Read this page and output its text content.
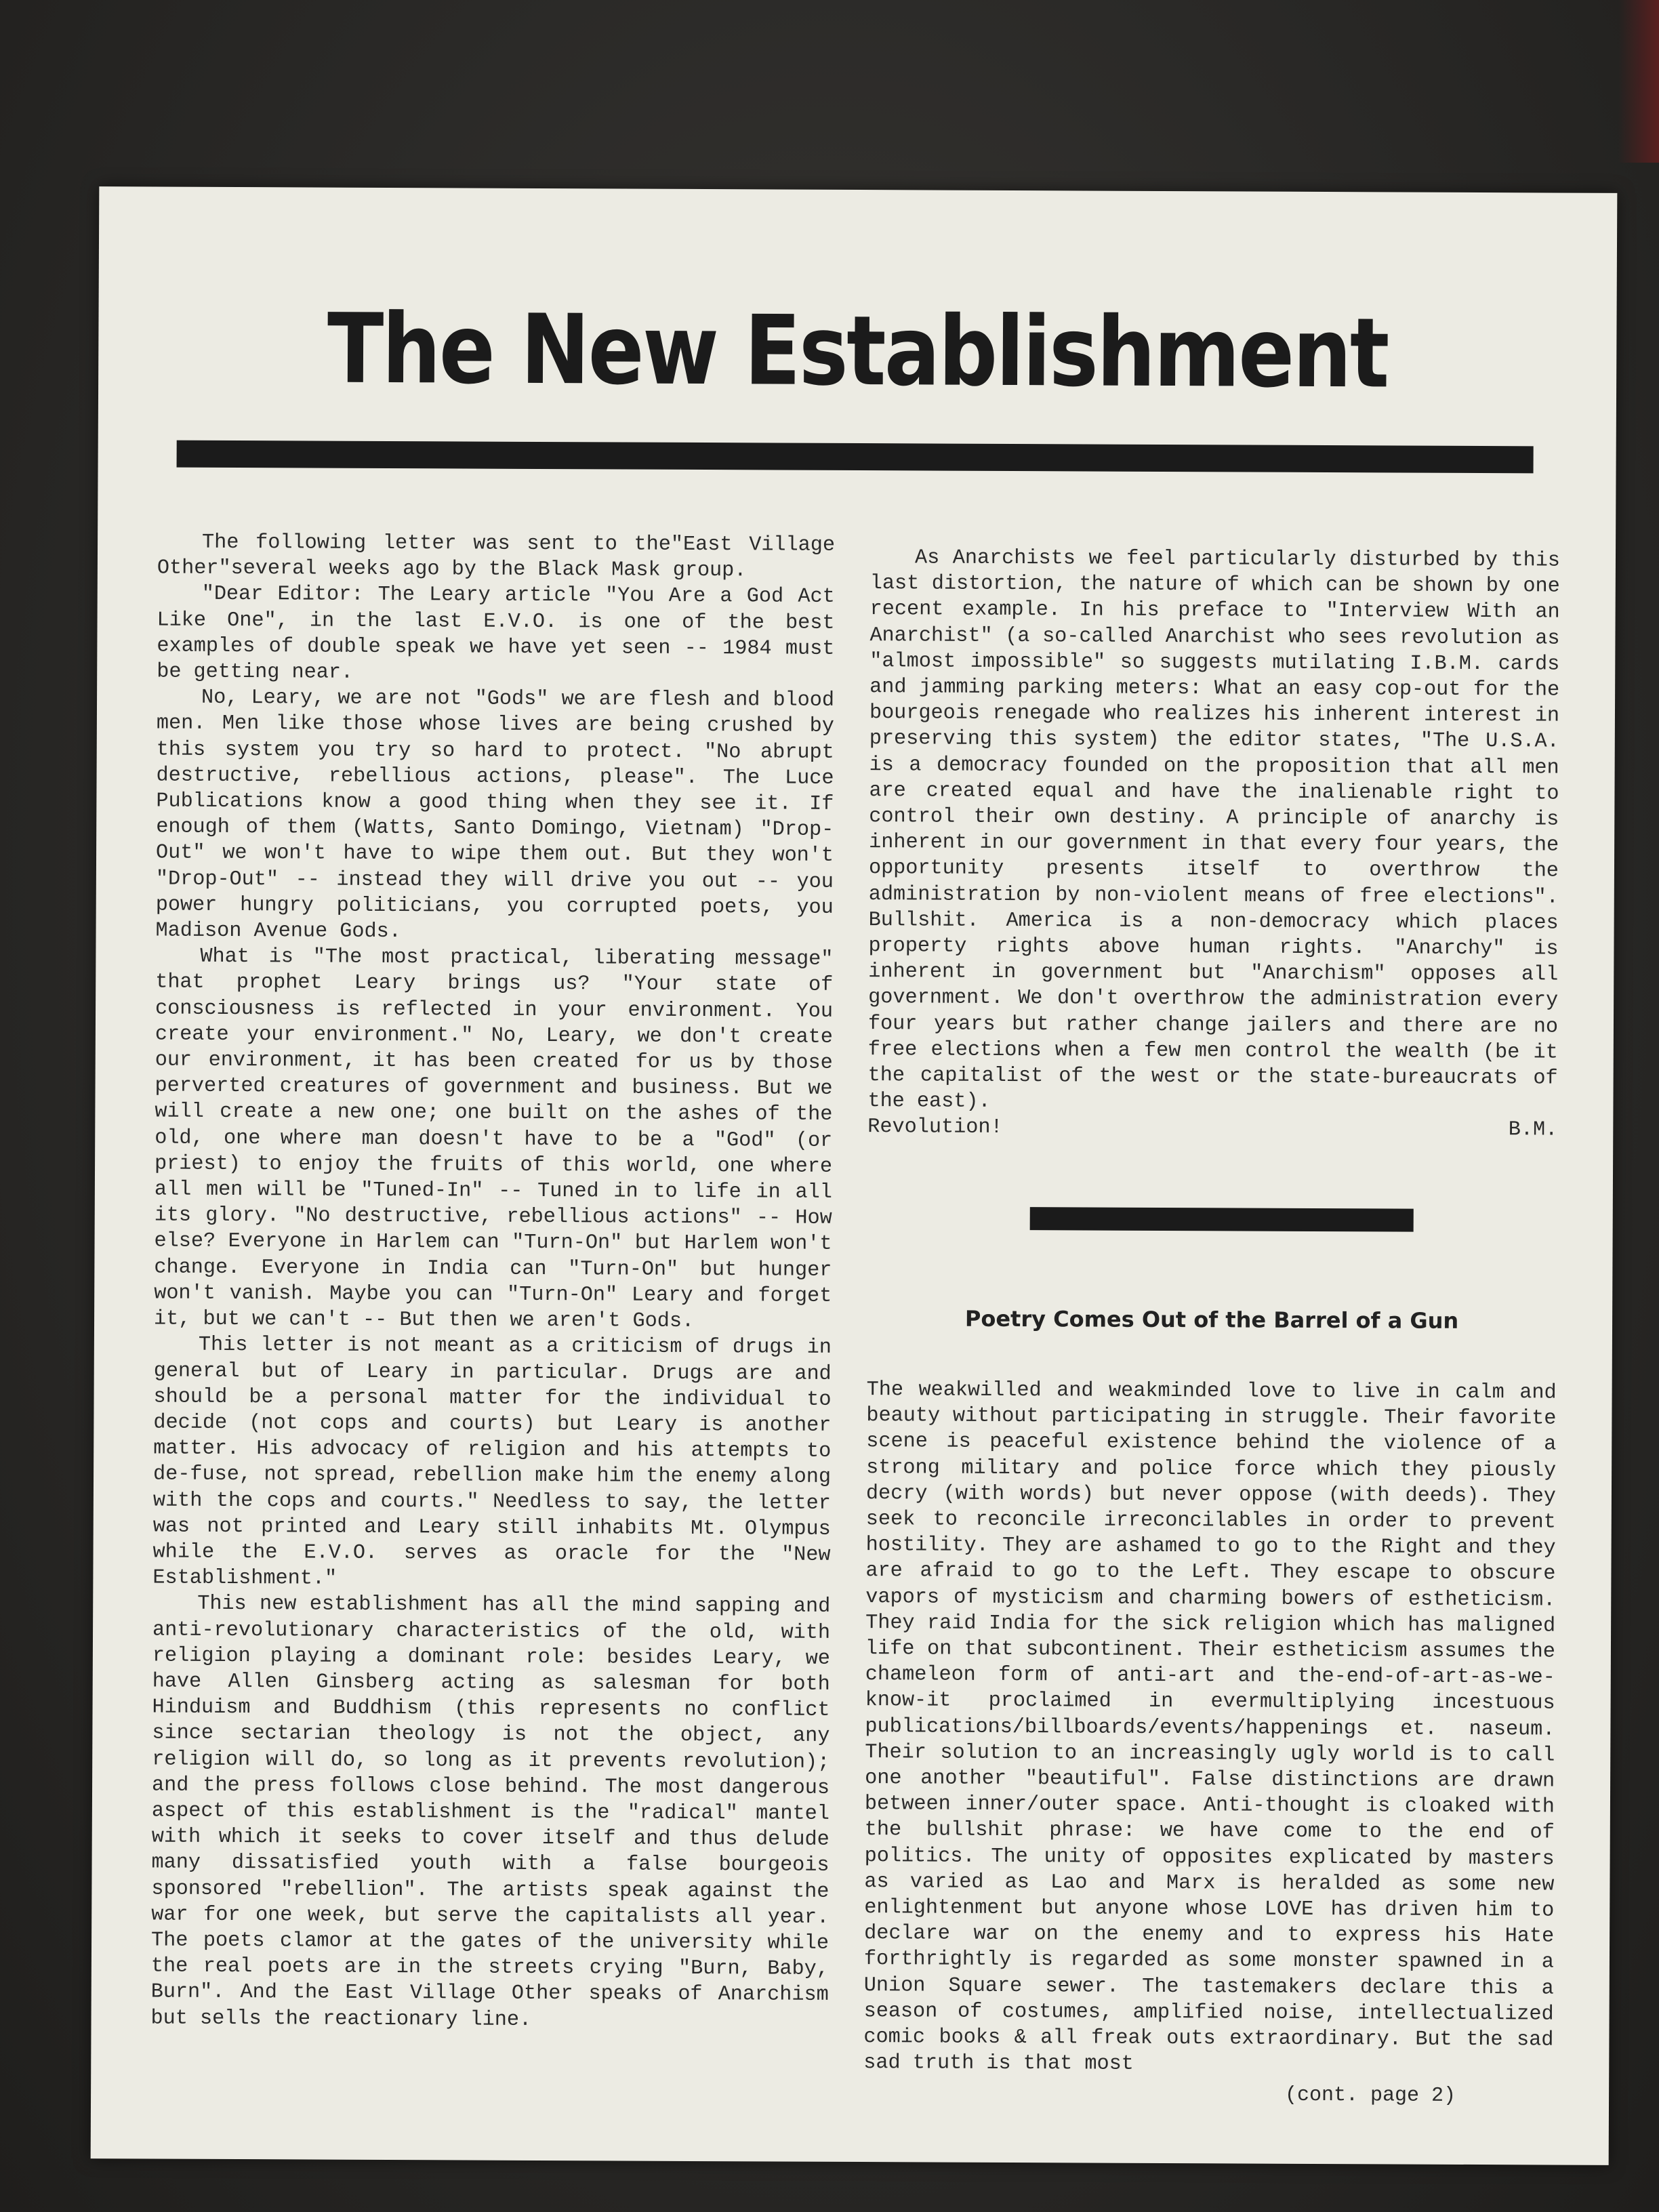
The New Establishment

The following letter was sent to the"East Village Other"several weeks ago by the Black Mask group.

"Dear Editor: The Leary article "You Are a God Act Like One", in the last E.V.O. is one of the best examples of double speak we have yet seen -- 1984 must be getting near.

No, Leary, we are not "Gods" we are flesh and blood men. Men like those whose lives are being crushed by this system you try so hard to protect. "No abrupt destructive, rebellious actions, please". The Luce Publications know a good thing when they see it. If enough of them (Watts, Santo Domingo, Vietnam) "Drop-Out" we won't have to wipe them out. But they won't "Drop-Out" -- instead they will drive you out -- you power hungry politicians, you corrupted poets, you Madison Avenue Gods.

What is "The most practical, liberating message" that prophet Leary brings us? "Your state of consciousness is reflected in your environment. You create your environment." No, Leary, we don't create our environment, it has been created for us by those perverted creatures of government and business. But we will create a new one; one built on the ashes of the old, one where man doesn't have to be a "God" (or priest) to enjoy the fruits of this world, one where all men will be "Tuned-In" -- Tuned in to life in all its glory. "No destructive, rebellious actions" -- How else? Everyone in Harlem can "Turn-On" but Harlem won't change. Everyone in India can "Turn-On" but hunger won't vanish. Maybe you can "Turn-On" Leary and forget it, but we can't -- But then we aren't Gods.

This letter is not meant as a criticism of drugs in general but of Leary in particular. Drugs are and should be a personal matter for the individual to decide (not cops and courts) but Leary is another matter. His advocacy of religion and his attempts to de-fuse, not spread, rebellion make him the enemy along with the cops and courts." Needless to say, the letter was not printed and Leary still inhabits Mt. Olympus while the E.V.O. serves as oracle for the "New Establishment."

This new establishment has all the mind sapping and anti-revolutionary characteristics of the old, with religion playing a dominant role: besides Leary, we have Allen Ginsberg acting as salesman for both Hinduism and Buddhism (this represents no conflict since sectarian theology is not the object, any religion will do, so long as it prevents revolution); and the press follows close behind. The most dangerous aspect of this establishment is the "radical" mantel with which it seeks to cover itself and thus delude many dissatisfied youth with a false bourgeois sponsored "rebellion". The artists speak against the war for one week, but serve the capitalists all year. The poets clamor at the gates of the university while the real poets are in the streets crying "Burn, Baby, Burn". And the East Village Other speaks of Anarchism but sells the reactionary line.

As Anarchists we feel particularly disturbed by this last distortion, the nature of which can be shown by one recent example. In his preface to "Interview With an Anarchist" (a so-called Anarchist who sees revolution as "almost impossible" so suggests mutilating I.B.M. cards and jamming parking meters: What an easy cop-out for the bourgeois renegade who realizes his inherent interest in preserving this system) the editor states, "The U.S.A. is a democracy founded on the proposition that all men are created equal and have the inalienable right to control their own destiny. A principle of anarchy is inherent in our government in that every four years, the opportunity presents itself to overthrow the administration by non-violent means of free elections". Bullshit. America is a non-democracy which places property rights above human rights. "Anarchy" is inherent in government but "Anarchism" opposes all government. We don't overthrow the administration every four years but rather change jailers and there are no free elections when a few men control the wealth (be it the capitalist of the west or the state-bureaucrats of the east).

Revolution!	B.M.
Poetry Comes Out of the Barrel of a Gun

The weakwilled and weakminded love to live in calm and beauty without participating in struggle. Their favorite scene is peaceful existence behind the violence of a strong military and police force which they piously decry (with words) but never oppose (with deeds). They seek to reconcile irreconcilables in order to prevent hostility. They are ashamed to go to the Right and they are afraid to go to the Left. They escape to obscure vapors of mysticism and charming bowers of estheticism. They raid India for the sick religion which has maligned life on that subcontinent. Their estheticism assumes the chameleon form of anti-art and the-end-of-art-as-we-know-it proclaimed in evermultiplying incestuous publications/billboards/events/happenings et. naseum. Their solution to an increasingly ugly world is to call one another "beautiful". False distinctions are drawn between inner/outer space. Anti-thought is cloaked with the bullshit phrase: we have come to the end of politics. The unity of opposites explicated by masters as varied as Lao and Marx is heralded as some new enlightenment but anyone whose LOVE has driven him to declare war on the enemy and to express his Hate forthrightly is regarded as some monster spawned in a Union Square sewer. The tastemakers declare this a season of costumes, amplified noise, intellectualized comic books & all freak outs extraordinary. But the sad sad truth is that most

(cont. page 2)
